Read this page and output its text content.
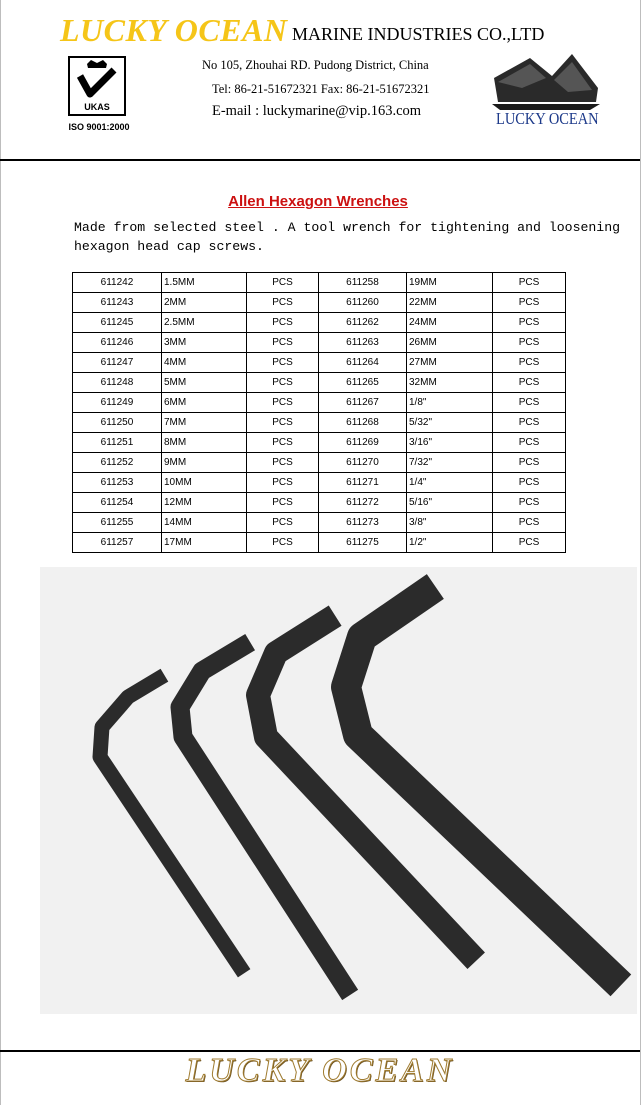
LUCKY OCEAN MARINE INDUSTRIES CO.,LTD
No 105, Zhouhai RD. Pudong District, China
Tel: 86-21-51672321 Fax: 86-21-51672321
E-mail : luckymarine@vip.163.com
UKAS
ISO 9001:2000	LUCKY OCEAN
Allen Hexagon Wrenches
Made from selected steel . A tool wrench for tightening and loosening hexagon head cap screws.
611242	1.5MM	PCS	611258	19MM	PCS
611243	2MM	PCS	611260	22MM	PCS
611245	2.5MM	PCS	611262	24MM	PCS
611246	3MM	PCS	611263	26MM	PCS
611247	4MM	PCS	611264	27MM	PCS
611248	5MM	PCS	611265	32MM	PCS
611249	6MM	PCS	611267	1/8"	PCS
611250	7MM	PCS	611268	5/32"	PCS
611251	8MM	PCS	611269	3/16"	PCS
611252	9MM	PCS	611270	7/32"	PCS
611253	10MM	PCS	611271	1/4"	PCS
611254	12MM	PCS	611272	5/16"	PCS
611255	14MM	PCS	611273	3/8"	PCS
611257	17MM	PCS	611275	1/2"	PCS
LUCKY OCEAN
